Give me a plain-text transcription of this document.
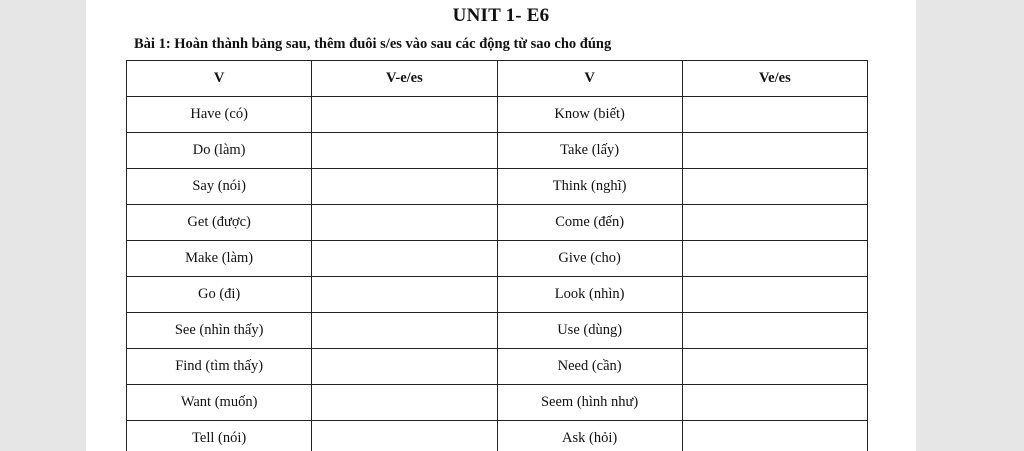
UNIT 1- E6
Bài 1: Hoàn thành bảng sau, thêm đuôi s/es vào sau các động từ sao cho đúng
V	V-e/es	V	Ve/es
Have (có)		Know (biết)	
Do (làm)		Take (lấy)	
Say (nói)		Think (nghĩ)	
Get (được)		Come (đến)	
Make (làm)		Give (cho)	
Go (đi)		Look (nhìn)	
See (nhìn thấy)		Use (dùng)	
Find (tìm thấy)		Need (cần)	
Want (muốn)		Seem (hình như)	
Tell (nói)		Ask (hỏi)	
